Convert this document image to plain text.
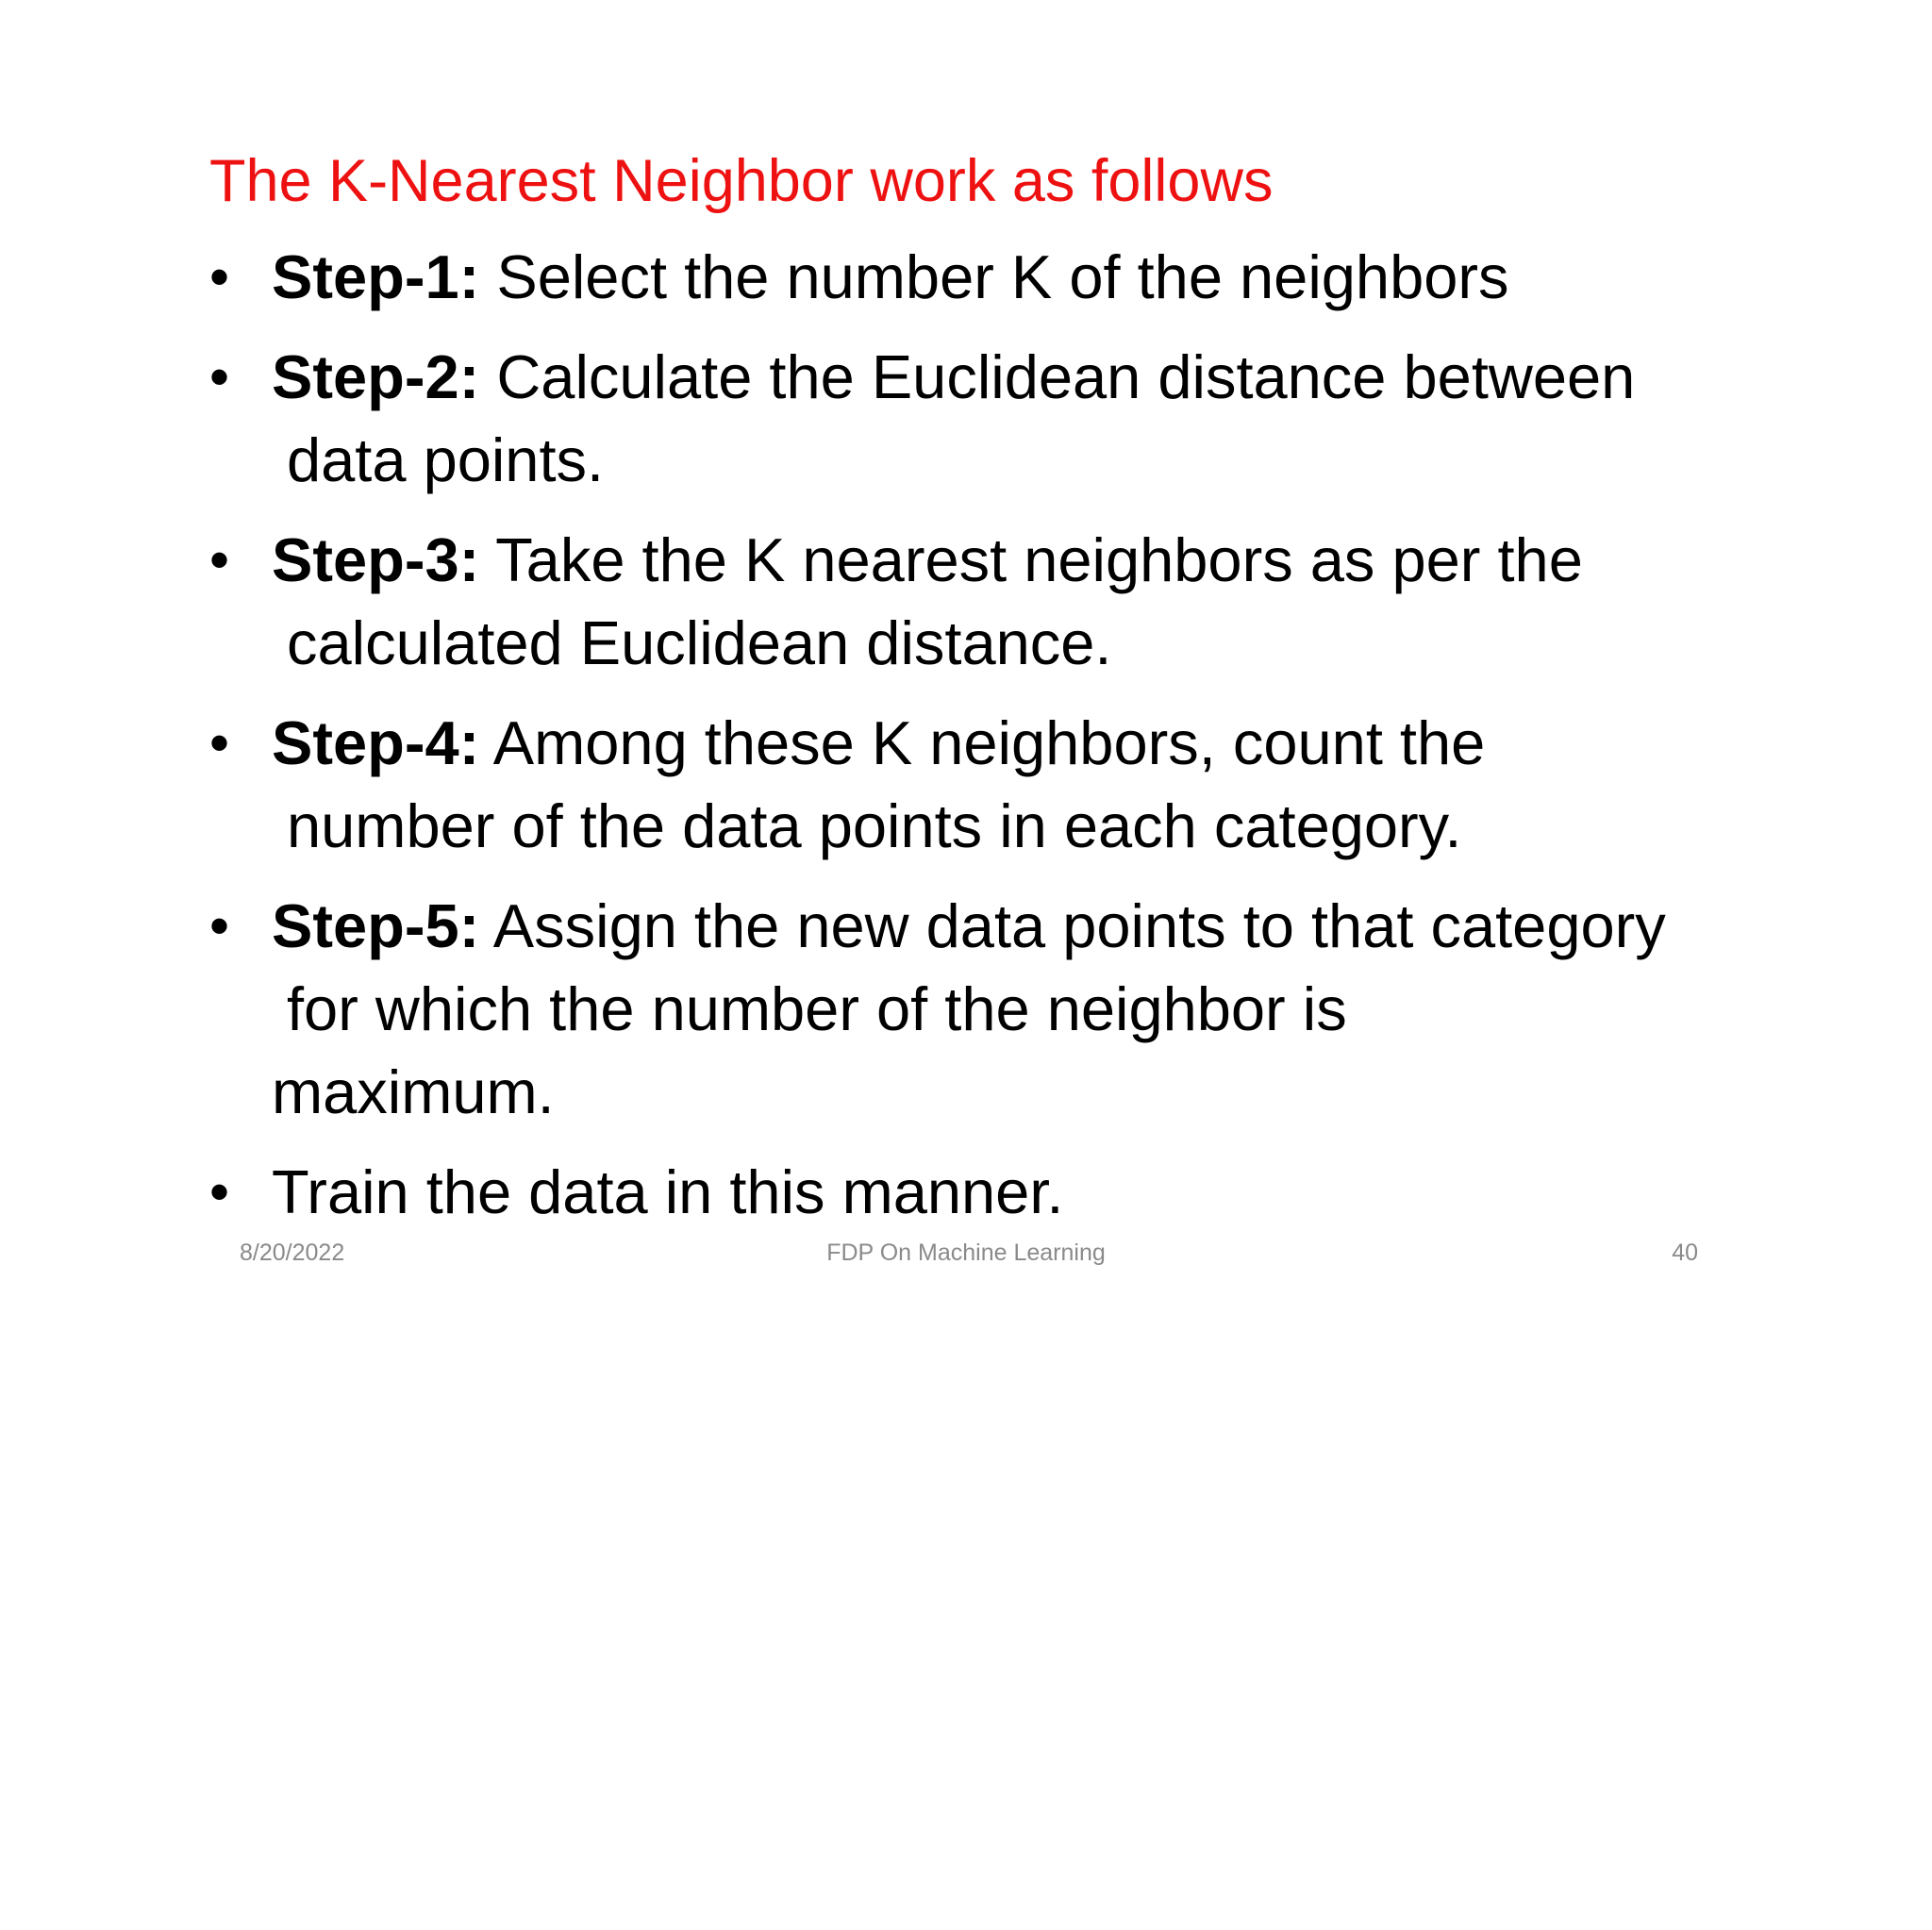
The K-Nearest Neighbor work as follows
• Step-1: Select the number K of the neighbors
• Step-2: Calculate the Euclidean distance between
data points.
• Step-3: Take the K nearest neighbors as per the
calculated Euclidean distance.
• Step-4: Among these K neighbors, count the
number of the data points in each category.
• Step-5: Assign the new data points to that category
for which the number of the neighbor is
maximum.
• Train the data in this manner.
8/20/2022	FDP On Machine Learning	40
